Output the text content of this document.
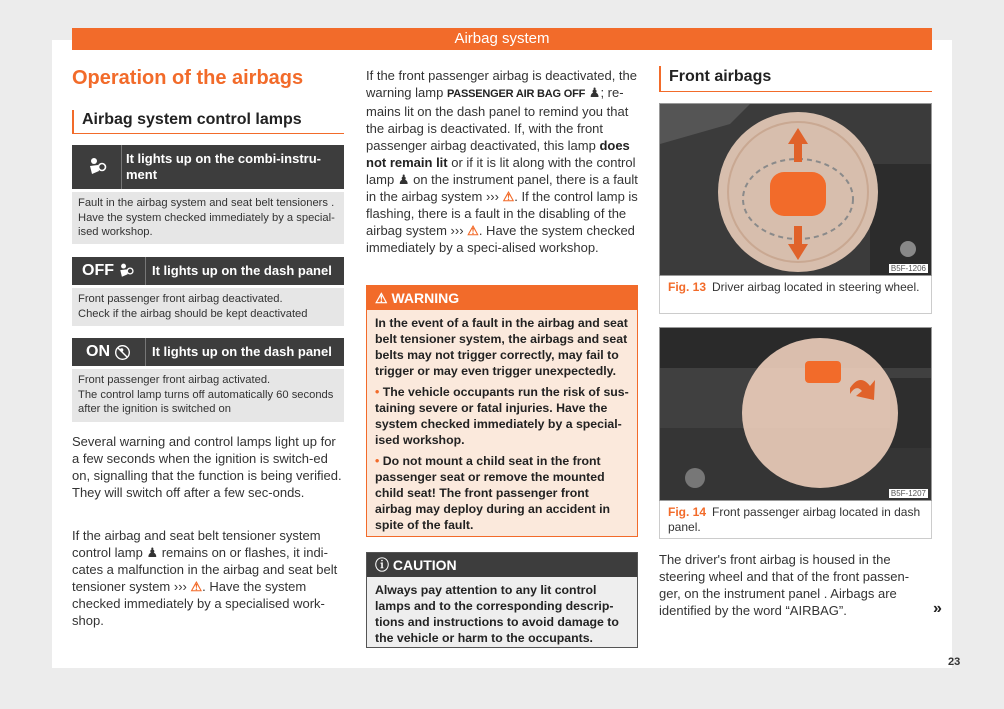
Airbag system
Operation of the airbags
Airbag system control lamps
It lights up on the combi-instru-ment
Fault in the airbag system and seat belt tensioners .
Have the system checked immediately by a special-
ised workshop.
OFF	It lights up on the dash panel
Front passenger front airbag deactivated.
Check if the airbag should be kept deactivated
ON	It lights up on the dash panel
Front passenger front airbag activated.
The control lamp turns off automatically 60 seconds
after the ignition is switched on
Several warning and control lamps light up for a few seconds when the ignition is switch-ed on, signalling that the function is being verified. They will switch off after a few sec-onds.
If the airbag and seat belt tensioner system control lamp ♟ remains on or flashes, it indi-cates a malfunction in the airbag and seat belt tensioner system ››› ⚠. Have the system checked immediately by a specialised work-shop.
If the front passenger airbag is deactivated, the warning lamp PASSENGER AIR BAG OFF ♟; re-mains lit on the dash panel to remind you that the airbag is deactivated. If, with the front passenger airbag deactivated, this lamp does not remain lit or if it is lit along with the control lamp ♟ on the instrument panel, there is a fault in the airbag system ››› ⚠. If the control lamp is flashing, there is a fault in the disabling of the airbag system ››› ⚠. Have the system checked immediately by a speci-alised workshop.
⚠ WARNING

In the event of a fault in the airbag and seat belt tensioner system, the airbags and seat belts may not trigger correctly, may fail to trigger or may even trigger unexpectedly.

• The vehicle occupants run the risk of sus-taining severe or fatal injuries. Have the system checked immediately by a special-ised workshop.

• Do not mount a child seat in the front passenger seat or remove the mounted child seat! The front passenger front airbag may deploy during an accident in spite of the fault.

ⓘ CAUTION
Always pay attention to any lit control lamps and to the corresponding descrip-tions and instructions to avoid damage to the vehicle or harm to the occupants.
Front airbags
B5F-1206
Fig. 13 Driver airbag located in steering wheel.
B5F-1207
Fig. 14 Front passenger airbag located in dash panel.
The driver's front airbag is housed in the steering wheel and that of the front passen-ger, on the instrument panel . Airbags are identified by the word “AIRBAG”.	»
23
